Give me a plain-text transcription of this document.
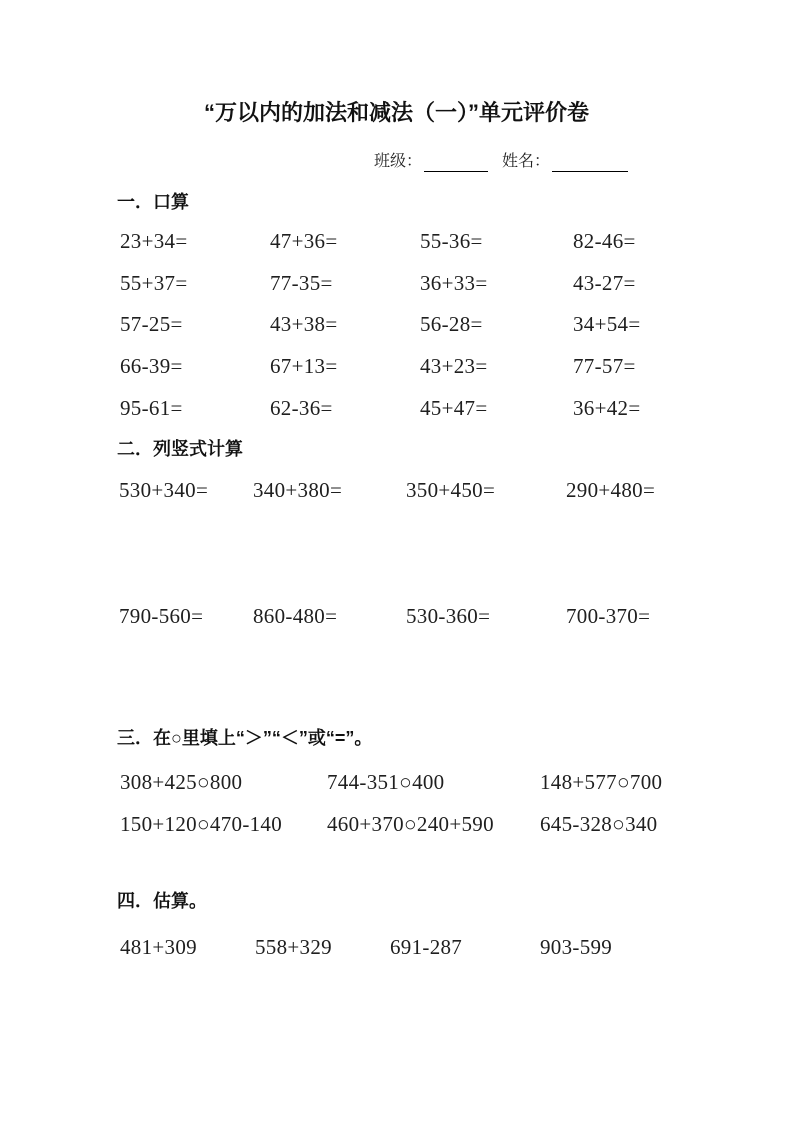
“万以内的加法和减法（一）”单元评价卷
班级：	姓名：
一．口算
23+34=	47+36=	55-36=	82-46=
55+37=	77-35=	36+33=	43-27=
57-25=	43+38=	56-28=	34+54=
66-39=	67+13=	43+23=	77-57=
95-61=	62-36=	45+47=	36+42=
二．列竖式计算
530+340= 340+380=	350+450=	290+480=
790-560= 860-480=	530-360=	700-370=
三．在○里填上“＞”“＜”或“=”。
308+425○800	744-351○400	148+577○700
150+120○470-140 460+370○240+590 645-328○340
四．估算。
481+309	558+329	691-287	903-599
